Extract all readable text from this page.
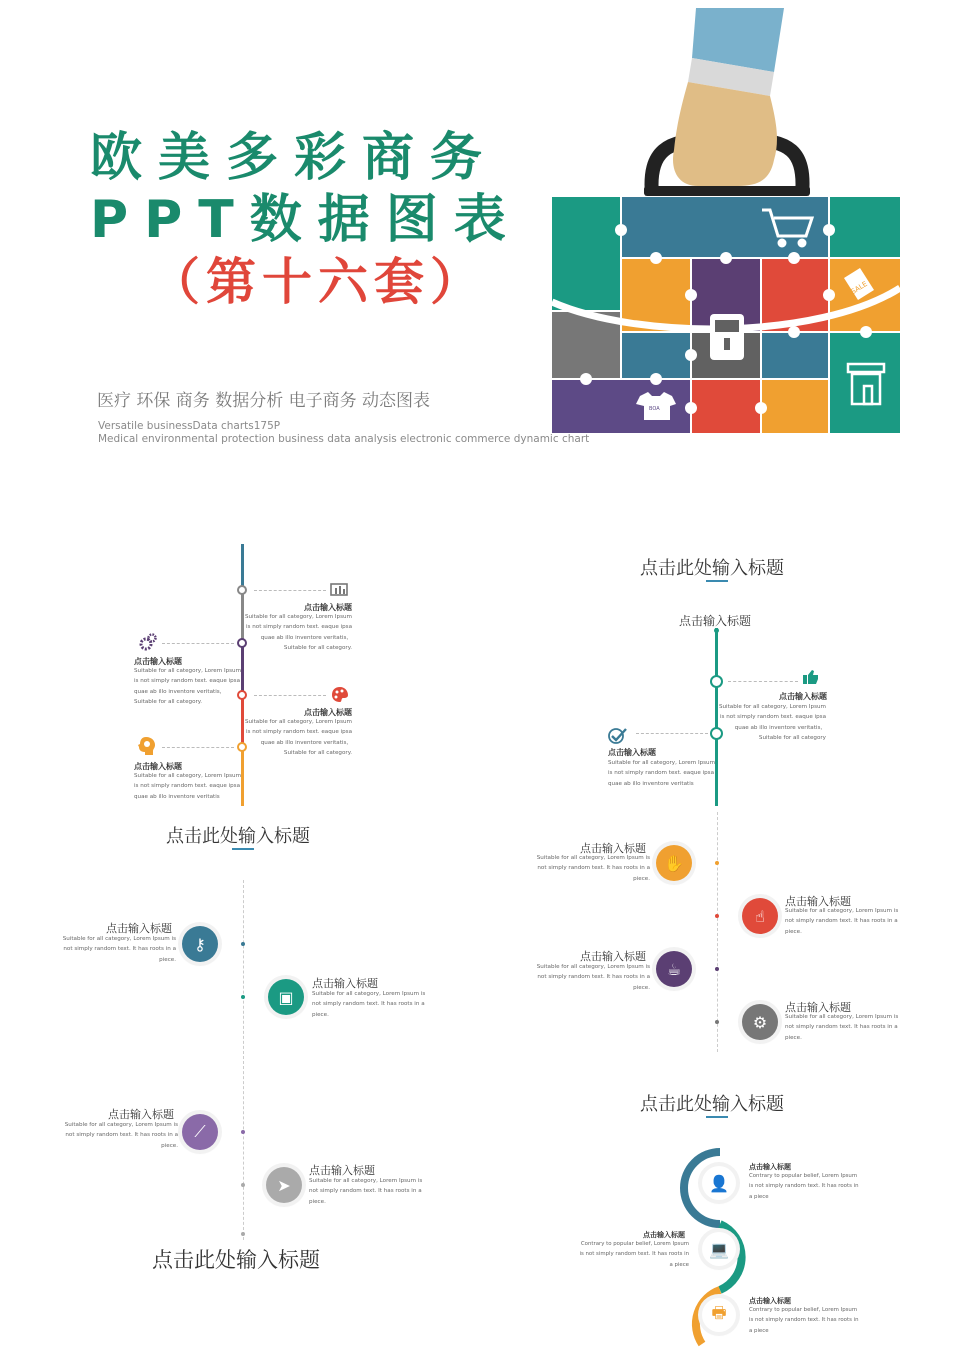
欧美多彩商务
PPT数据图表
（第十六套）
医疗 环保 商务 数据分析 电子商务 动态图表
Versatile businessData charts175P
Medical environmental protection business data analysis electronic commerce dynamic chart
SALE
BOA
点击输入标题
Suitable for all category, Lorem Ipsum is not simply random text. eaque ipsa quae ab illo inventore veritatis， Suitable for all category.
点击输入标题
Suitable for all category, Lorem Ipsum is not simply random text. eaque ipsa quae ab illo inventore veritatis， Suitable for all category.
点击输入标题
Suitable for all category, Lorem Ipsum is not simply random text. eaque ipsa quae ab illo inventore veritatis， Suitable for all category.
点击输入标题
Suitable for all category, Lorem Ipsum is not simply random text. eaque ipsa quae ab illo inventore veritatis
点击此处输入标题
点击此处输入标题
点击输入标题
点击输入标题
Suitable for all category, Lorem Ipsum is not simply random text. eaque ipsa quae ab illo inventore veritatis， Suitable for all category
点击输入标题
Suitable for all category, Lorem Ipsum is not simply random text. eaque ipsa quae ab illo inventore veritatis
⚷
▣
⟋
➤
点击输入标题
Suitable for all category, Lorem Ipsum is not simply random text. It has roots in a piece.
点击输入标题
Suitable for all category, Lorem Ipsum is not simply random text. It has roots in a piece.
点击输入标题
Suitable for all category, Lorem Ipsum is not simply random text. It has roots in a piece.
点击输入标题
Suitable for all category, Lorem Ipsum is not simply random text. It has roots in a piece.
点击此处输入标题
✋
☝
☕
⚙
点击输入标题
Suitable for all category, Lorem Ipsum is not simply random text. It has roots in a piece.
点击输入标题
Suitable for all category, Lorem Ipsum is not simply random text. It has roots in a piece.
点击输入标题
Suitable for all category, Lorem Ipsum is not simply random text. It has roots in a piece.
点击输入标题
Suitable for all category, Lorem Ipsum is not simply random text. It has roots in a piece.
点击此处输入标题
👤
💻
🖶
点击输入标题
Contrary to popular belief, Lorem Ipsum is not simply random text. It has roots in a piece
点击输入标题
Contrary to popular belief, Lorem Ipsum is not simply random text. It has roots in a piece
点击输入标题
Contrary to popular belief, Lorem Ipsum is not simply random text. It has roots in a piece
